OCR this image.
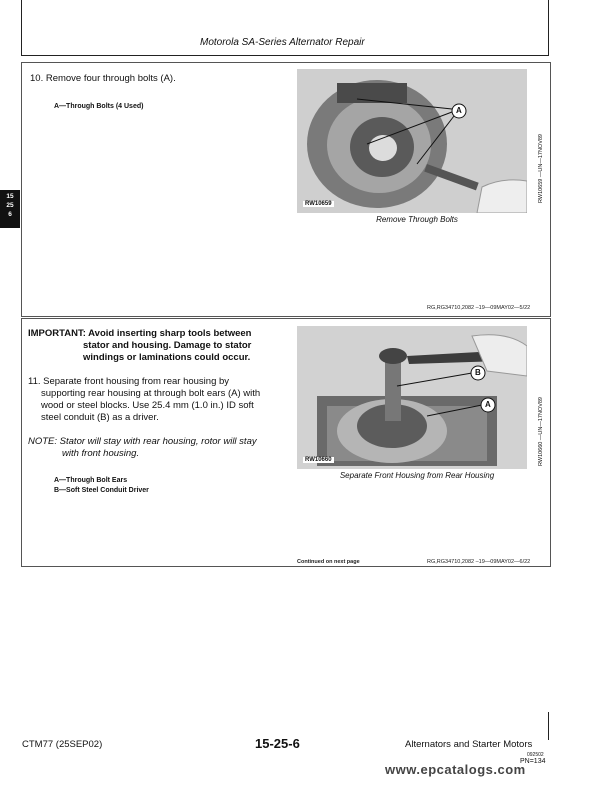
Motorola SA-Series Alternator Repair
15
25
6
10. Remove four through bolts (A).
A—Through Bolts (4 Used)	A
RW10659
RW10659 —UN—17NOV89
Remove Through Bolts
RG,RG34710,2082 –19—09MAY02—5/22
IMPORTANT: Avoid inserting sharp tools between
stator and housing. Damage to stator
windings or laminations could occur.
11. Separate front housing from rear housing by
supporting rear housing at through bolt ears (A) with
wood or steel blocks. Use 25.4 mm (1.0 in.) ID soft
steel conduit (B) as a driver.
NOTE: Stator will stay with rear housing, rotor will stay
with front housing.
A—Through Bolt Ears
B—Soft Steel Conduit Driver
B
A
RW10660	RW10660 —UN—17NOV89
Separate Front Housing from Rear Housing
Continued on next page	RG,RG34710,2082 –19—09MAY02—6/22
CTM77 (25SEP02)	15-25-6	Alternators and Starter Motors
092502
PN=134
www.epcatalogs.com
